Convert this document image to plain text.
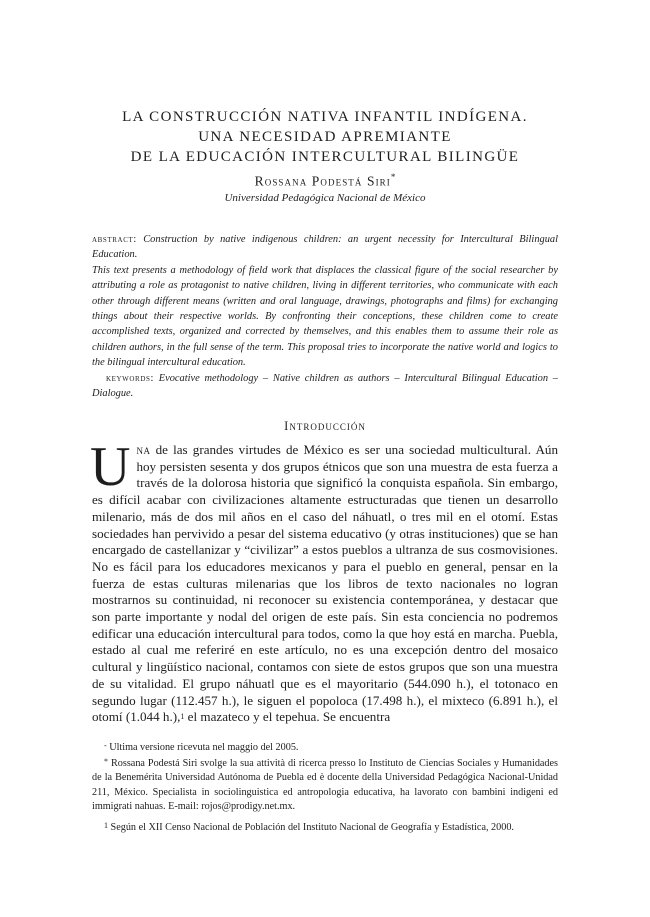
LA CONSTRUCCIÓN NATIVA INFANTIL INDÍGENA.
UNA NECESIDAD APREMIANTE
DE LA EDUCACIÓN INTERCULTURAL BILINGÜE
Rossana Podestá Siri*
Universidad Pedagógica Nacional de México

abstract: Construction by native indigenous children: an urgent necessity for Intercultural Bilingual Education.

This text presents a methodology of field work that displaces the classical figure of the social researcher by attributing a role as protagonist to native children, living in different territories, who communicate with each other through different means (written and oral language, drawings, photographs and films) for exchanging things about their respective worlds. By confronting their conceptions, these children come to create accomplished texts, organized and corrected by themselves, and this enables them to assume their role as children authors, in the full sense of the term. This proposal tries to incorporate the native world and logics to the bilingual intercultural education.

keywords: Evocative methodology – Native children as authors – Intercultural Bilingual Education – Dialogue.

Introducción

Una de las grandes virtudes de México es ser una sociedad multicultural. Aún hoy persisten sesenta y dos grupos étnicos que son una muestra de esta fuerza a través de la dolorosa historia que significó la conquista española. Sin embargo, es difícil acabar con civilizaciones altamente estructuradas que tienen un desarrollo milenario, más de dos mil años en el caso del náhuatl, o tres mil en el otomí. Estas sociedades han pervivido a pesar del sistema educativo (y otras instituciones) que se han encargado de castellanizar y “civilizar” a estos pueblos a ultranza de sus cosmovisiones. No es fácil para los educadores mexicanos y para el pueblo en general, pensar en la fuerza de estas culturas milenarias que los libros de texto nacionales no logran mostrarnos su continuidad, ni reconocer su existencia contemporánea, y destacar que son parte importante y nodal del origen de este país. Sin esta conciencia no podremos edificar una educación intercultural para todos, como la que hoy está en marcha. Puebla, estado al cual me referiré en este artículo, no es una excepción dentro del mosaico cultural y lingüístico nacional, contamos con siete de estos grupos que son una muestra de su vitalidad. El grupo náhuatl que es el mayoritario (544.090 h.), el totonaco en segundo lugar (112.457 h.), le siguen el popoloca (17.498 h.), el mixteco (6.891 h.), el otomí (1.044 h.),$^1$ el mazateco y el tepehua. Se encuentra

- Ultima versione ricevuta nel maggio del 2005.

* Rossana Podestá Siri svolge la sua attività di ricerca presso lo Instituto de Ciencias Sociales y Humanidades de la Benemérita Universidad Autónoma de Puebla ed è docente della Universidad Pedagógica Nacional-Unidad 211, México. Specialista in sociolinguistica ed antropologia educativa, ha lavorato con bambini indigeni ed immigrati nahuas. E-mail: rojos@prodigy.net.mx.

1 Según el XII Censo Nacional de Población del Instituto Nacional de Geografía y Estadística, 2000.
